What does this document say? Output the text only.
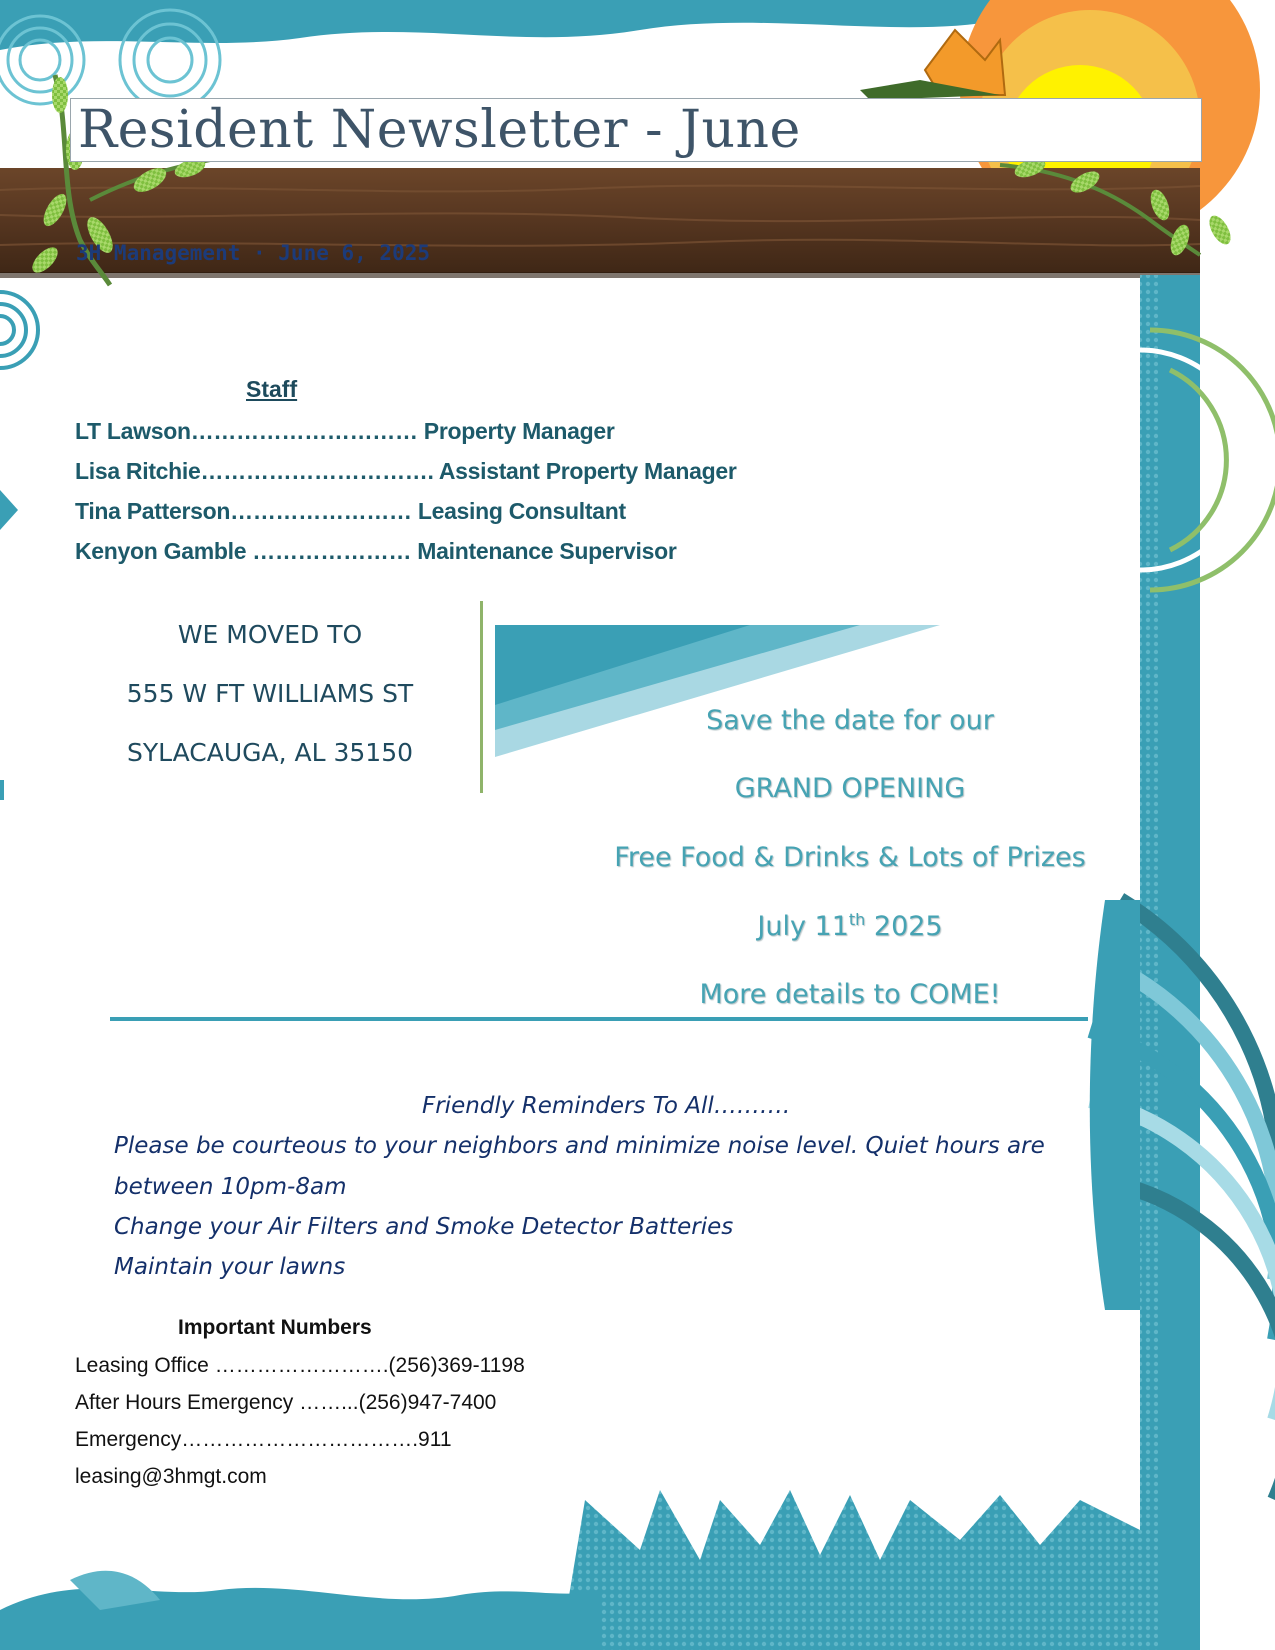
Resident Newsletter - June
3H Management · June 6, 2025
Staff
LT Lawson………………………… Property Manager
Lisa Ritchie…………………………. Assistant Property Manager
Tina Patterson…………………… Leasing Consultant
Kenyon Gamble ………………… Maintenance Supervisor
WE MOVED TO
555 W FT WILLIAMS ST
SYLACAUGA, AL 35150
Save the date for our
GRAND OPENING
Free Food & Drinks & Lots of Prizes
July 11th 2025
More details to COME!
Friendly Reminders To All……….
Please be courteous to your neighbors and minimize noise level. Quiet hours are
between 10pm-8am
Change your Air Filters and Smoke Detector Batteries
Maintain your lawns
Important Numbers
Leasing Office …………………….(256)369-1198
After Hours Emergency ……...(256)947-7400
Emergency…………………………….911
leasing@3hmgt.com
